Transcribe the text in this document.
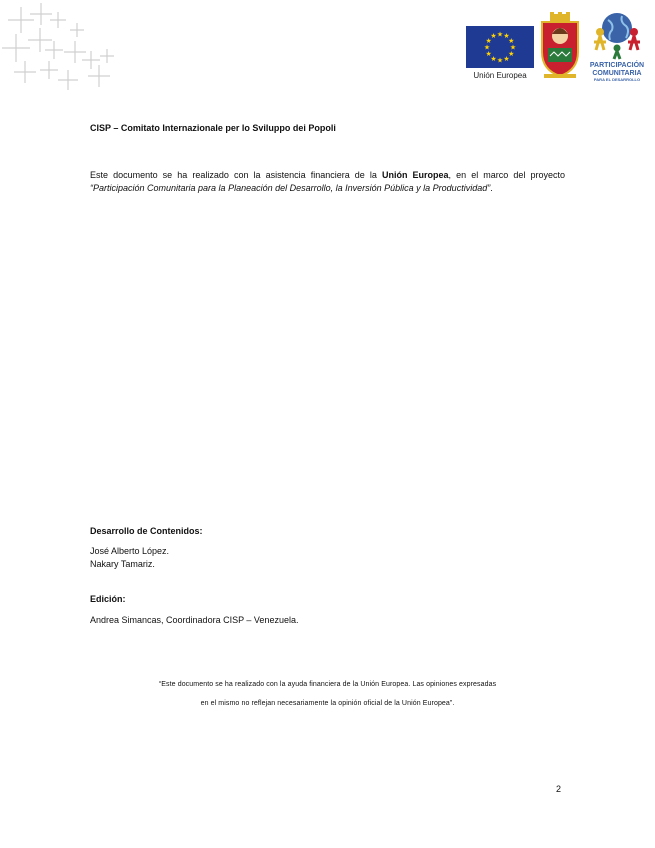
★ ★
★
★
★
★
★
★
★
★
★
★
Unión Europea
PARTICIPACIÓN
COMUNITARIA
PARA EL DESARROLLO
CISP – Comitato Internazionale per lo Sviluppo dei Popoli
Este documento se ha realizado con la asistencia financiera de la Unión Europea, en el marco del proyecto “Participación Comunitaria para la Planeación del Desarrollo, la Inversión Pública y la Productividad”.
Desarrollo de Contenidos:
José Alberto López.
Nakary Tamariz.
Edición:
Andrea Simancas, Coordinadora CISP – Venezuela.
“Este documento se ha realizado con la ayuda financiera de la Unión Europea. Las opiniones expresadas
en el mismo no reflejan necesariamente la opinión oficial de la Unión Europea”.
2
